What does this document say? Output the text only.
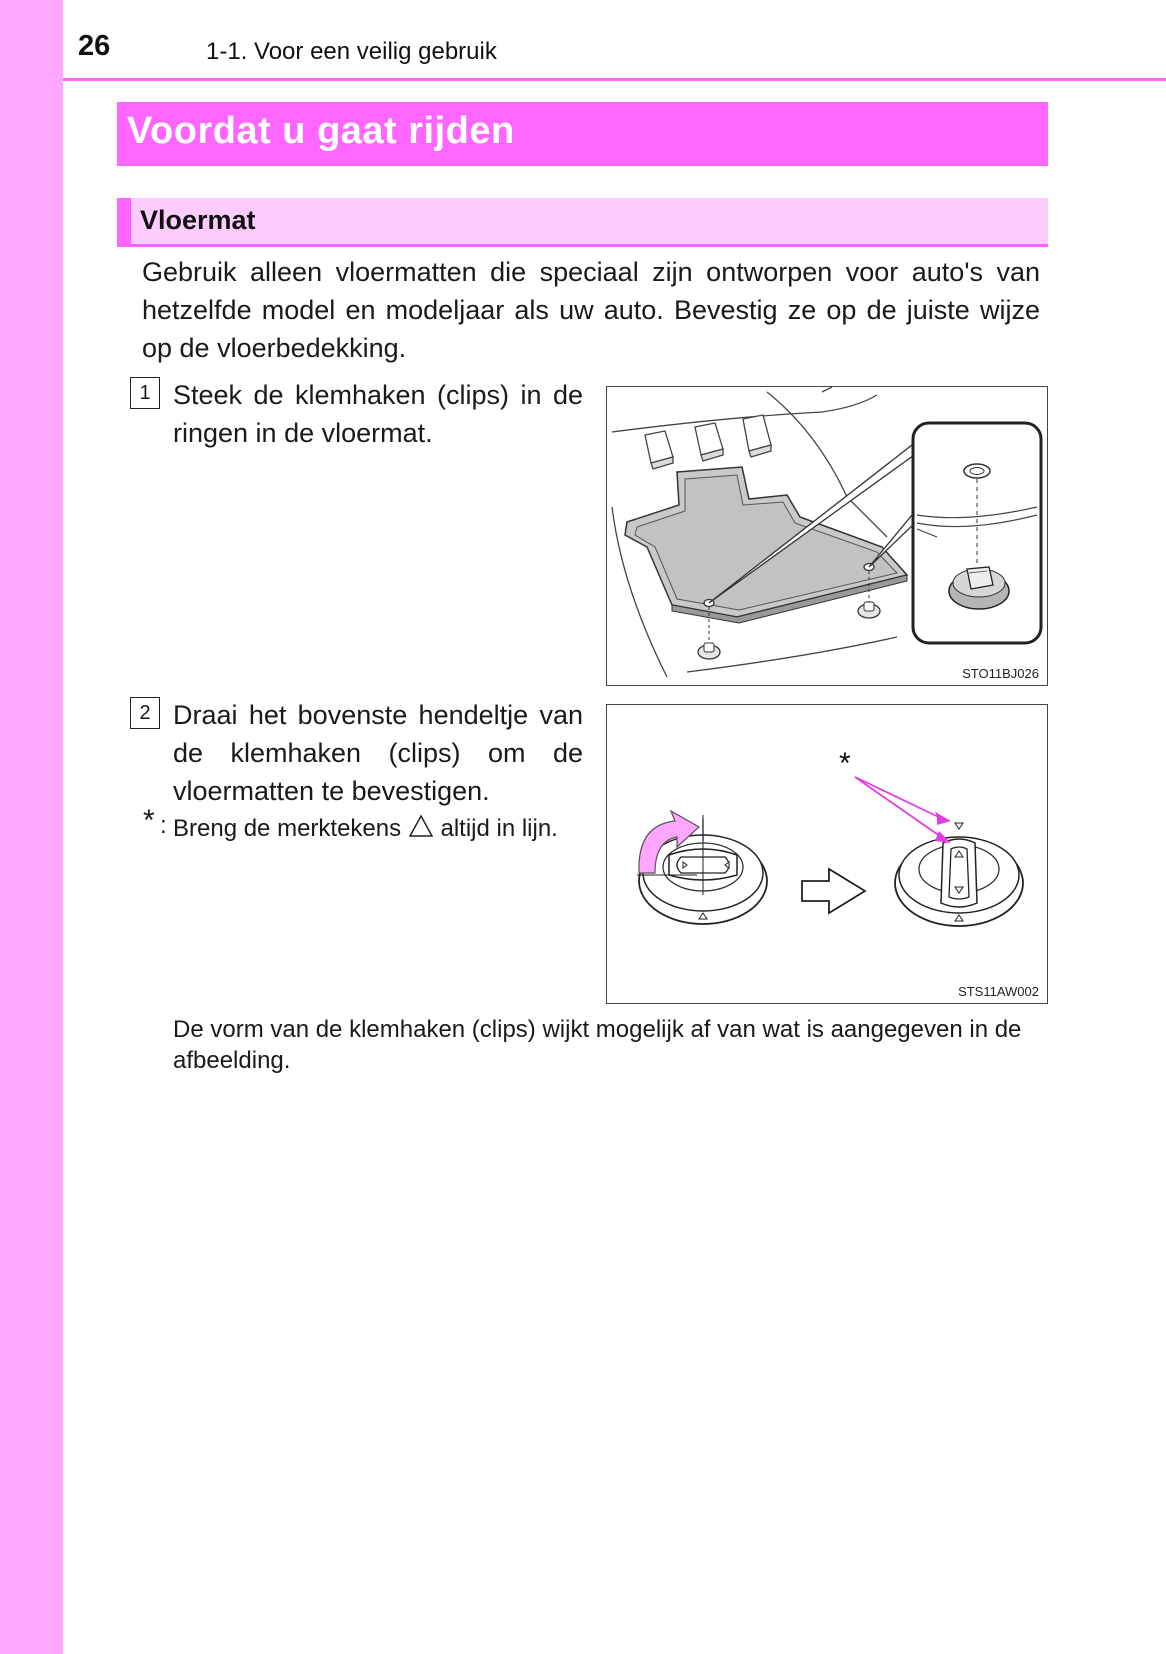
26	1-1. Voor een veilig gebruik
Voordat u gaat rijden
Vloermat
Gebruik alleen vloermatten die speciaal zijn ontworpen voor auto's van hetzelfde model en modeljaar als uw auto. Bevestig ze op de juiste wijze op de vloerbedekking.
1 Steek de klemhaken (clips) in de ringen in de vloermat.
STO11BJ026
2 Draai het bovenste hendeltje van de klemhaken (clips) om de vloermatten te bevestigen.
* : Breng de merktekens  altijd in lijn.
*
STS11AW002
De vorm van de klemhaken (clips) wijkt mogelijk af van wat is aangegeven in de afbeelding.
